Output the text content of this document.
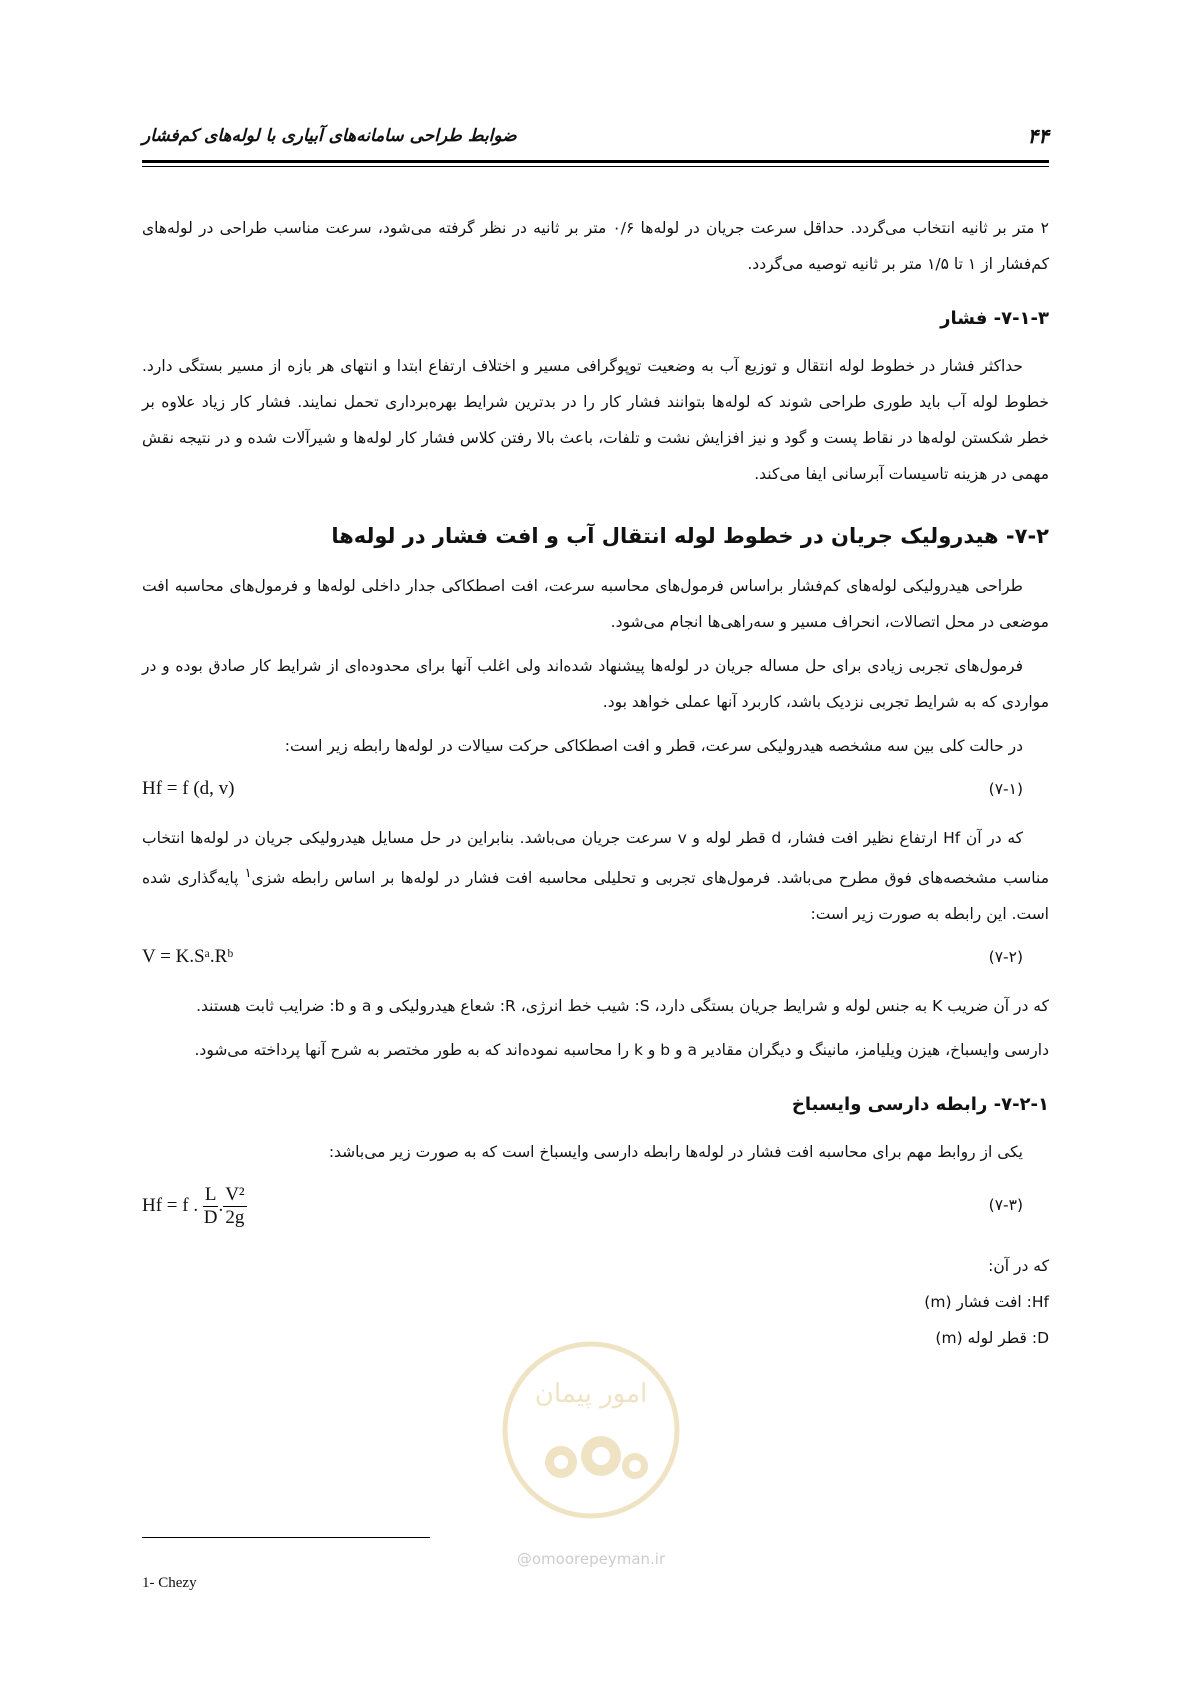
۴۴
ضوابط طراحی سامانه‌های آبیاری با لوله‌های کم‌فشار

۲ متر بر ثانیه انتخاب می‌گردد. حداقل سرعت جریان در لوله‌ها ۰/۶ متر بر ثانیه در نظر گرفته می‌شود، سرعت مناسب طراحی در لوله‌های کم‌فشار از ۱ تا ۱/۵ متر بر ثانیه توصیه می‌گردد.

۷-۱-۳- فشار

حداکثر فشار در خطوط لوله انتقال و توزیع آب به وضعیت توپوگرافی مسیر و اختلاف ارتفاع ابتدا و انتهای هر بازه از مسیر بستگی دارد. خطوط لوله آب باید طوری طراحی شوند که لوله‌ها بتوانند فشار کار را در بدترین شرایط بهره‌برداری تحمل نمایند. فشار کار زیاد علاوه بر خطر شکستن لوله‌ها در نقاط پست و گود و نیز افزایش نشت و تلفات، باعث بالا رفتن کلاس فشار کار لوله‌ها و شیرآلات شده و در نتیجه نقش مهمی در هزینه تاسیسات آبرسانی ایفا می‌کند.

۷-۲- هیدرولیک جریان در خطوط لوله انتقال آب و افت فشار در لوله‌ها

طراحی هیدرولیکی لوله‌های کم‌فشار براساس فرمول‌های محاسبه سرعت، افت اصطکاکی جدار داخلی لوله‌ها و فرمول‌های محاسبه افت موضعی در محل اتصالات، انحراف مسیر و سه‌راهی‌ها انجام می‌شود.

فرمول‌های تجربی زیادی برای حل مساله جریان در لوله‌ها پیشنهاد شده‌اند ولی اغلب آنها برای محدوده‌ای از شرایط کار صادق بوده و در مواردی که به شرایط تجربی نزدیک باشد، کاربرد آنها عملی خواهد بود.

در حالت کلی بین سه مشخصه هیدرولیکی سرعت، قطر و افت اصطکاکی حرکت سیالات در لوله‌ها رابطه زیر است:

Hf = f (d, v)	(۷-۱)

که در آن Hf ارتفاع نظیر افت فشار، d قطر لوله و v سرعت جریان می‌باشد. بنابراین در حل مسایل هیدرولیکی جریان در لوله‌ها انتخاب مناسب مشخصه‌های فوق مطرح می‌باشد. فرمول‌های تجربی و تحلیلی محاسبه افت فشار در لوله‌ها بر اساس رابطه شزی$^۱$ پایه‌گذاری شده است. این رابطه به صورت زیر است:

V = K.Sᵃ.Rᵇ	(۷-۲)

که در آن ضریب K به جنس لوله و شرایط جریان بستگی دارد، S: شیب خط انرژی، R: شعاع هیدرولیکی و a و b: ضرایب ثابت هستند.

دارسی وایسباخ، هیزن ویلیامز، مانینگ و دیگران مقادیر a و b و k را محاسبه نموده‌اند که به طور مختصر به شرح آنها پرداخته می‌شود.

۷-۲-۱- رابطه دارسی وایسباخ

یکی از روابط مهم برای محاسبه افت فشار در لوله‌ها رابطه دارسی وایسباخ است که به صورت زیر می‌باشد:

Hf = f . $\frac{L}{D}$ . $\frac{\text{V²}}{2g}$	(۷-۳)
که در آن:
Hf: افت فشار (m)
D: قطر لوله (m)
امور پیمان
@omoorepeyman.ir
1- Chezy
